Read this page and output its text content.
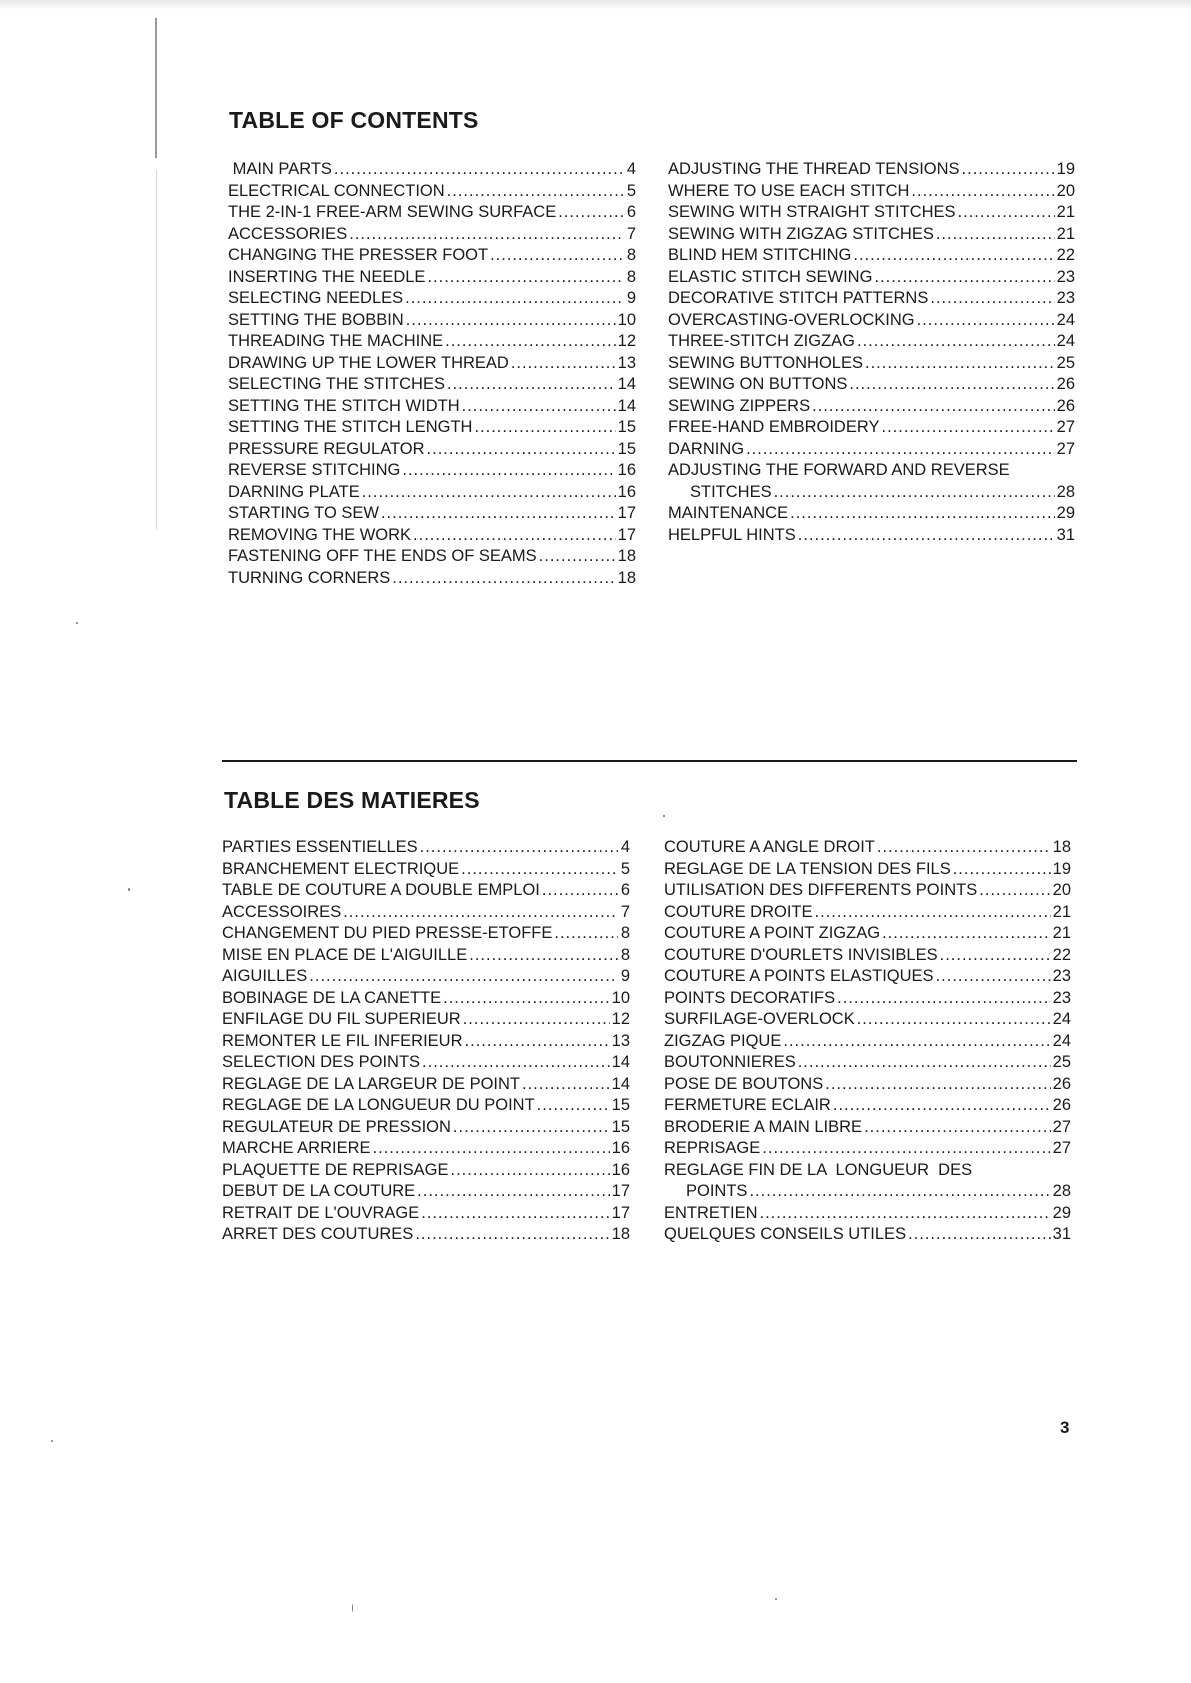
TABLE OF CONTENTS
MAIN PARTS .....	4
ELECTRICAL CONNECTION .....	5
THE 2-IN-1 FREE-ARM SEWING SURFACE .....	6
ACCESSORIES .....	7
CHANGING THE PRESSER FOOT .....	8
INSERTING THE NEEDLE .....	8
SELECTING NEEDLES .....	9
SETTING THE BOBBIN .....	10
THREADING THE MACHINE .....	12
DRAWING UP THE LOWER THREAD .....	13
SELECTING THE STITCHES .....	14
SETTING THE STITCH WIDTH .....	14
SETTING THE STITCH LENGTH .....	15
PRESSURE REGULATOR .....	15
REVERSE STITCHING .....	16
DARNING PLATE .....	16
STARTING TO SEW .....	17
REMOVING THE WORK .....	17
FASTENING OFF THE ENDS OF SEAMS .....	18
TURNING CORNERS .....	18
ADJUSTING THE THREAD TENSIONS .....	19
WHERE TO USE EACH STITCH .....	20
SEWING WITH STRAIGHT STITCHES .....	21
SEWING WITH ZIGZAG STITCHES .....	21
BLIND HEM STITCHING .....	22
ELASTIC STITCH SEWING .....	23
DECORATIVE STITCH PATTERNS .....	23
OVERCASTING-OVERLOCKING .....	24
THREE-STITCH ZIGZAG .....	24
SEWING BUTTONHOLES .....	25
SEWING ON BUTTONS .....	26
SEWING ZIPPERS .....	26
FREE-HAND EMBROIDERY .....	27
DARNING .....	27
ADJUSTING THE FORWARD AND REVERSE
STITCHES .....	28
MAINTENANCE .....	29
HELPFUL HINTS .....	31
TABLE DES MATIERES
PARTIES ESSENTIELLES .....	4
BRANCHEMENT ELECTRIQUE .....	5
TABLE DE COUTURE A DOUBLE EMPLOI .....	6
ACCESSOIRES .....	7
CHANGEMENT DU PIED PRESSE-ETOFFE .....	8
MISE EN PLACE DE L'AIGUILLE .....	8
AIGUILLES .....	9
BOBINAGE DE LA CANETTE .....	10
ENFILAGE DU FIL SUPERIEUR .....	12
REMONTER LE FIL INFERIEUR .....	13
SELECTION DES POINTS .....	14
REGLAGE DE LA LARGEUR DE POINT .....	14
REGLAGE DE LA LONGUEUR DU POINT .....	15
REGULATEUR DE PRESSION .....	15
MARCHE ARRIERE .....	16
PLAQUETTE DE REPRISAGE .....	16
DEBUT DE LA COUTURE .....	17
RETRAIT DE L'OUVRAGE .....	17
ARRET DES COUTURES .....	18
COUTURE A ANGLE DROIT .....	18
REGLAGE DE LA TENSION DES FILS .....	19
UTILISATION DES DIFFERENTS POINTS .....	20
COUTURE DROITE .....	21
COUTURE A POINT ZIGZAG .....	21
COUTURE D'OURLETS INVISIBLES .....	22
COUTURE A POINTS ELASTIQUES .....	23
POINTS DECORATIFS .....	23
SURFILAGE-OVERLOCK .....	24
ZIGZAG PIQUE .....	24
BOUTONNIERES .....	25
POSE DE BOUTONS .....	26
FERMETURE ECLAIR .....	26
BRODERIE A MAIN LIBRE .....	27
REPRISAGE .....	27
REGLAGE FIN DE LA  LONGUEUR  DES
POINTS .....	28
ENTRETIEN .....	29
QUELQUES CONSEILS UTILES .....	31
3
